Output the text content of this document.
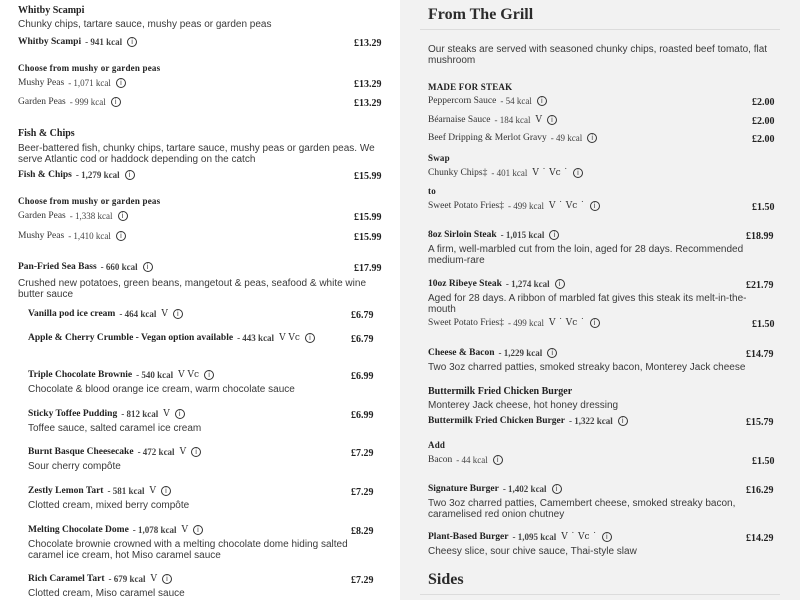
Whitby Scampi
Chunky chips, tartare sauce, mushy peas or garden peas
Whitby Scampi - 941 kcal	i	£13.29
Choose from mushy or garden peas
Mushy Peas - 1,071 kcal	i	£13.29
Garden Peas - 999 kcal	i	£13.29
Fish & Chips
Beer-battered fish, chunky chips, tartare sauce, mushy peas or garden peas. We serve Atlantic cod or haddock depending on the catch
Fish & Chips - 1,279 kcal	i	£15.99
Choose from mushy or garden peas
Garden Peas - 1,338 kcal	i	£15.99
Mushy Peas - 1,410 kcal	i	£15.99
Pan-Fried Sea Bass - 660 kcal	i	£17.99
Crushed new potatoes, green beans, mangetout & peas, seafood & white wine butter sauce
Vanilla pod ice cream - 464 kcal V	i	£6.79
Apple & Cherry Crumble - Vegan option available - 443 kcal V Vc	i	£6.79
Triple Chocolate Brownie - 540 kcal V Vc	i	£6.99
Chocolate & blood orange ice cream, warm chocolate sauce
Sticky Toffee Pudding - 812 kcal V	i	£6.99
Toffee sauce, salted caramel ice cream
Burnt Basque Cheesecake - 472 kcal V	i	£7.29
Sour cherry compôte
Zestly Lemon Tart - 581 kcal V	i	£7.29
Clotted cream, mixed berry compôte
Melting Chocolate Dome - 1,078 kcal V	i	£8.29
Chocolate brownie crowned with a melting chocolate dome hiding salted caramel ice cream, hot Miso caramel sauce
Rich Caramel Tart - 679 kcal V	i	£7.29
Clotted cream, Miso caramel sauce
From The Grill
Our steaks are served with seasoned chunky chips, roasted beef tomato, flat mushroom
MADE FOR STEAK
Peppercorn Sauce - 54 kcal	i	£2.00
Béarnaise Sauce - 184 kcal V	i	£2.00
Beef Dripping & Merlot Gravy - 49 kcal	i	£2.00
Swap
Chunky Chips‡ - 401 kcal V ˙ Vc ˙	i
to
Sweet Potato Fries‡ - 499 kcal V ˙ Vc ˙	i	£1.50
8oz Sirloin Steak - 1,015 kcal	i	£18.99
A firm, well-marbled cut from the loin, aged for 28 days. Recommended medium-rare
10oz Ribeye Steak - 1,274 kcal	i	£21.79
Aged for 28 days. A ribbon of marbled fat gives this steak its melt-in-the-mouth
Sweet Potato Fries‡ - 499 kcal V ˙ Vc ˙	i	£1.50
Cheese & Bacon - 1,229 kcal	i	£14.79
Two 3oz charred patties, smoked streaky bacon, Monterey Jack cheese
Buttermilk Fried Chicken Burger
Monterey Jack cheese, hot honey dressing
Buttermilk Fried Chicken Burger - 1,322 kcal	i	£15.79
Add
Bacon - 44 kcal	i	£1.50
Signature Burger - 1,402 kcal	i	£16.29
Two 3oz charred patties, Camembert cheese, smoked streaky bacon, caramelised red onion chutney
Plant-Based Burger - 1,095 kcal V ˙ Vc ˙	i	£14.29
Cheesy slice, sour chive sauce, Thai-style slaw
Sides
